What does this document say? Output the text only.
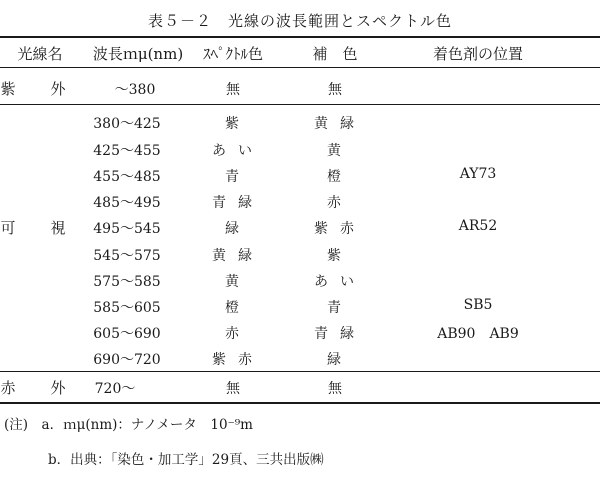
表５－２　光線の波長範囲とスペクトル色
光線名 波長ｍμ(nm) ｽﾍﾟｸﾄﾙ色	補　色	着色剤の位置
紫　外	～380	無	無
可　視
380～425	紫	黄緑
425～455	あい	黄
455～485	青	橙	AY73
485～495	青緑	赤
495～545	緑	紫赤	AR52
545～575	黄緑	紫
575～585	黄	あい
585～605	橙	青	SB5
605～690	赤	青緑	AB90　AB9
690～720	紫赤	緑
赤　外 720～	無	無
(注)　a．ｍμ(nm)：ナノメータ　10⁻⁹m
b．出典：「染色・加工学」29頁、三共出版㈱
